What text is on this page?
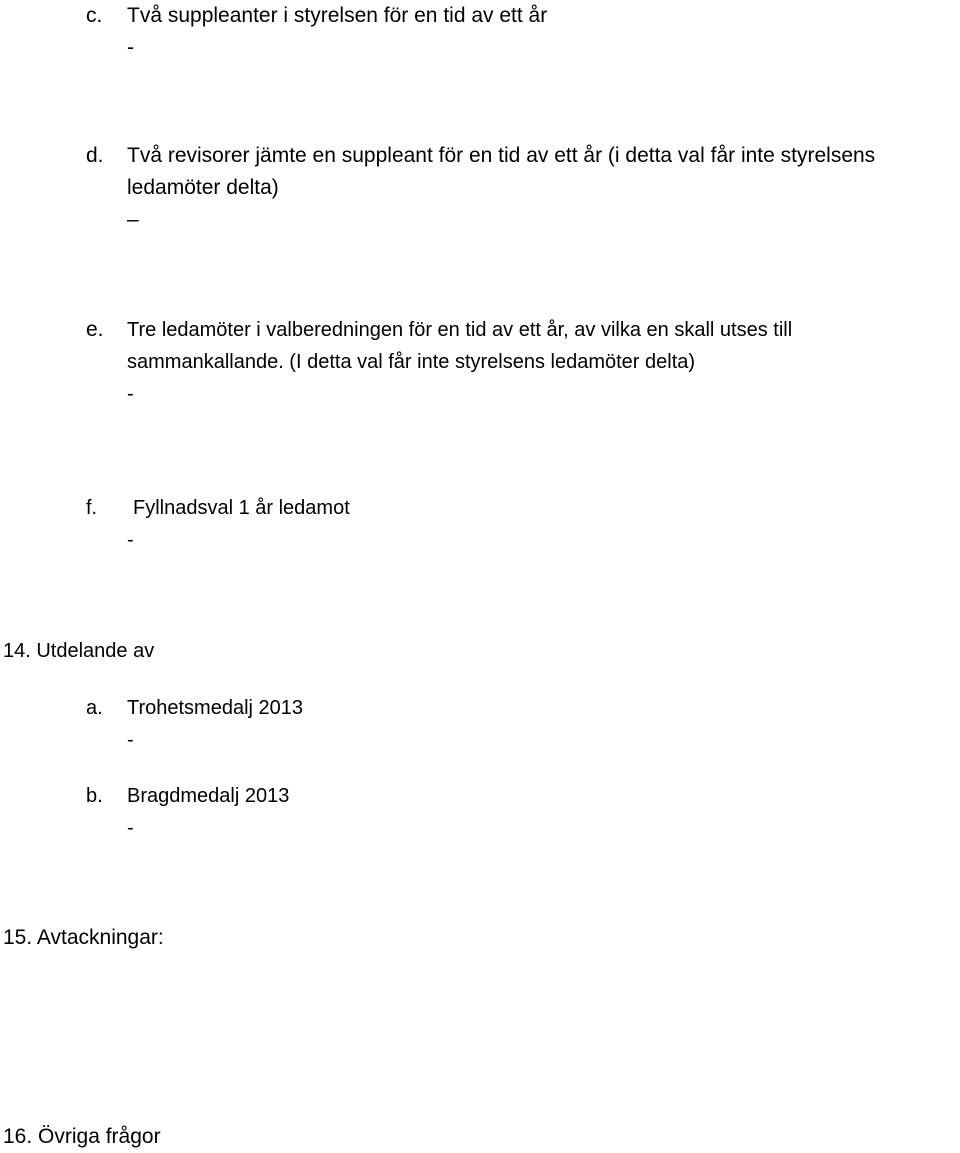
c. Två suppleanter i styrelsen för en tid av ett år
-
d. Två revisorer jämte en suppleant för en tid av ett år (i detta val får inte styrelsens
ledamöter delta)
–
e. Tre ledamöter i valberedningen för en tid av ett år, av vilka en skall utses till
sammankallande. (I detta val får inte styrelsens ledamöter delta)
-
f. Fyllnadsval 1 år ledamot
-
14. Utdelande av
a. Trohetsmedalj 2013
-
b. Bragdmedalj 2013
-
15. Avtackningar:
16. Övriga frågor
